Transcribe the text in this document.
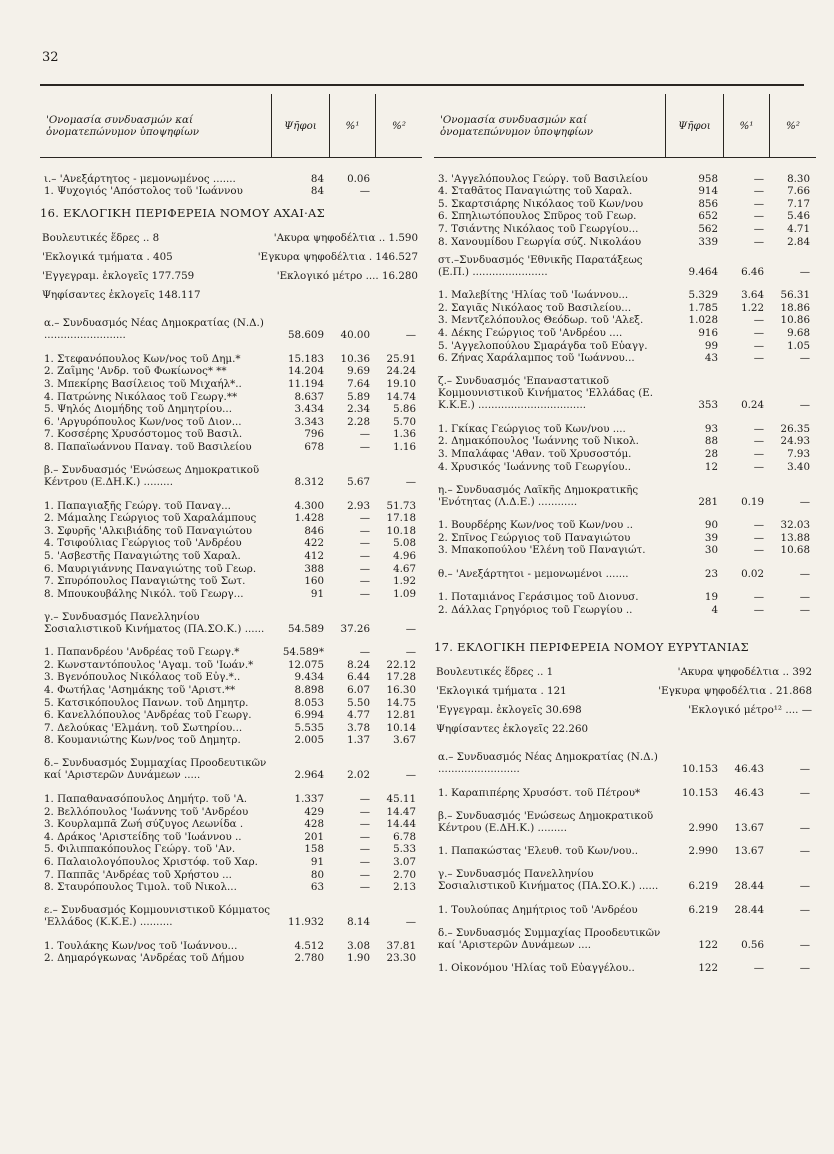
32
'Ονομασία συνδυασμών καί ὀνοματεπώνυμον ὑποψηφίων	Ψῆφοι	%¹	%²
ι.– 'Ανεξάρτητος - μεμονωμένος .......	84	0.06
1. Ψυχογιός 'Απόστολος τοῦ 'Ιωάννου	84	—
16. ΕΚΛΟΓΙΚΗ ΠΕΡΙΦΕΡΕΙΑ ΝΟΜΟΥ ΑΧΑΙ·ΑΣ
Βουλευτικές ἕδρες .. 8	'Ακυρα ψηφοδέλτια .. 1.590
'Εκλογικά τμήματα . 405	'Εγκυρα ψηφοδέλτια . 146.527
'Εγγεγραμ. ἐκλογεῖς 177.759	'Εκλογικό μέτρο .... 16.280
Ψηφίσαντες ἐκλογεῖς 148.117
α.– Συνδυασμός Νέας Δημοκρατίας (Ν.Δ.) .........................	58.609	40.00	—
1. Στεφανόπουλος Κων/νος τοῦ Δημ.*	15.183	10.36	25.91
2. Ζαΐμης 'Ανδρ. τοῦ Φωκίωνος* **	14.204	9.69	24.24
3. Μπεκίρης Βασίλειος τοῦ Μιχαήλ*..	11.194	7.64	19.10
4. Πατρώνης Νικόλαος τοῦ Γεωργ.**	8.637	5.89	14.74
5. Ψηλός Διομήδης τοῦ Δημητρίου...	3.434	2.34	5.86
6. 'Αργυρόπουλος Κων/νος τοῦ Διον...	3.343	2.28	5.70
7. Κοσσέρης Χρυσόστομος τοῦ Βασιλ.	796	—	1.36
8. Παπαϊωάννου Παναγ. τοῦ Βασιλείου	678	—	1.16
β.– Συνδυασμός 'Ενώσεως Δημοκρατικοῦ Κέντρου (Ε.ΔΗ.Κ.) .........	8.312	5.67	—
1. Παπαγιαξῆς Γεώργ. τοῦ Παναγ...	4.300	2.93	51.73
2. Μάμαλης Γεώργιος τοῦ Χαραλάμπους	1.428	—	17.18
3. Σφυρῆς 'Αλκιβιάδης τοῦ Παναγιώτου	846	—	10.18
4. Τσιφούλιας Γεώργιος τοῦ 'Ανδρέου	422	—	5.08
5. 'Ασβεστῆς Παναγιώτης τοῦ Χαραλ.	412	—	4.96
6. Μαυριγιάννης Παναγιώτης τοῦ Γεωρ.	388	—	4.67
7. Σπυρόπουλος Παναγιώτης τοῦ Σωτ.	160	—	1.92
8. Μπουκουβάλης Νικόλ. τοῦ Γεωργ...	91	—	1.09
γ.– Συνδυασμός Πανελληνίου Σοσιαλιστικοῦ Κινήματος (ΠΑ.ΣΟ.Κ.) ......	54.589	37.26	—
1. Παπανδρέου 'Ανδρέας τοῦ Γεωργ.*	54.589*	—	—
2. Κωνσταντόπουλος 'Αγαμ. τοῦ 'Ιωάν.*	12.075	8.24	22.12
3. Βγενόπουλος Νικόλαος τοῦ Εὐγ.*..	9.434	6.44	17.28
4. Φωτήλας 'Ασημάκης τοῦ 'Αριστ.**	8.898	6.07	16.30
5. Κατσικόπουλος Πανων. τοῦ Δημητρ.	8.053	5.50	14.75
6. Κανελλόπουλος 'Ανδρέας τοῦ Γεωργ.	6.994	4.77	12.81
7. Δελούκας 'Ελμάνη. τοῦ Σωτηρίου...	5.535	3.78	10.14
8. Κουμανιώτης Κων/νος τοῦ Δημητρ.	2.005	1.37	3.67
δ.– Συνδυασμός Συμμαχίας Προοδευτικῶν καί 'Αριστερῶν Δυνάμεων .....	2.964	2.02	—
1. Παπαθανασόπουλος Δημήτρ. τοῦ 'Α.	1.337	—	45.11
2. Βελλόπουλος 'Ιωάννης τοῦ 'Ανδρέου	429	—	14.47
3. Κουρλαμπᾶ Ζωή σύζυγος Λεωνίδα .	428	—	14.44
4. Δράκος 'Αριστείδης τοῦ 'Ιωάννου ..	201	—	6.78
5. Φιλιππακόπουλος Γεώργ. τοῦ 'Αν.	158	—	5.33
6. Παλαιολογόπουλος Χριστόφ. τοῦ Χαρ.	91	—	3.07
7. Παππᾶς 'Ανδρέας τοῦ Χρήστου ...	80	—	2.70
8. Σταυρόπουλος Τιμολ. τοῦ Νικολ...	63	—	2.13
ε.– Συνδυασμός Κομμουνιστικοῦ Κόμματος 'Ελλάδος (Κ.Κ.Ε.) ..........	11.932	8.14	—
1. Τουλάκης Κων/νος τοῦ 'Ιωάννου...	4.512	3.08	37.81
2. Δημαρόγκωνας 'Ανδρέας τοῦ Δήμου	2.780	1.90	23.30
'Ονομασία συνδυασμών καί ὀνοματεπώνυμον ὑποψηφίων	Ψῆφοι	%¹	%²
3. 'Αγγελόπουλος Γεώργ. τοῦ Βασιλείου	958	—	8.30
4. Σταθᾶτος Παναγιώτης τοῦ Χαραλ.	914	—	7.66
5. Σκαρτσιάρης Νικόλαος τοῦ Κων/νου	856	—	7.17
6. Σπηλιωτόπουλος Σπῦρος τοῦ Γεωρ.	652	—	5.46
7. Τσιάντης Νικόλαος τοῦ Γεωργίου...	562	—	4.71
8. Χανουμίδου Γεωργία σύζ. Νικολάου	339	—	2.84
στ.–Συνδυασμός 'Εθνικῆς Παρατάξεως (Ε.Π.) .......................	9.464	6.46	—
1. Μαλεβίτης 'Ηλίας τοῦ 'Ιωάννου...	5.329	3.64	56.31
2. Σαγιᾶς Νικόλαος τοῦ Βασιλείου...	1.785	1.22	18.86
3. Μεντζελόπουλος Θεόδωρ. τοῦ 'Αλεξ.	1.028	—	10.86
4. Δέκης Γεώργιος τοῦ 'Ανδρέου ....	916	—	9.68
5. 'Αγγελοπούλου Σμαράγδα τοῦ Εὐαγγ.	99	—	1.05
6. Ζήνας Χαράλαμπος τοῦ 'Ιωάννου...	43	—	—
ζ.– Συνδυασμός 'Επαναστατικοῦ Κομμουνιστικοῦ Κινήματος 'Ελλάδας (Ε. Κ.Κ.Ε.) .................................	353	0.24	—
1. Γκίκας Γεώργιος τοῦ Κων/νου ....	93	—	26.35
2. Δημακόπουλος 'Ιωάννης τοῦ Νικολ.	88	—	24.93
3. Μπαλάφας 'Αθαν. τοῦ Χρυσοστόμ.	28	—	7.93
4. Χρυσικός 'Ιωάννης τοῦ Γεωργίου..	12	—	3.40
η.– Συνδυασμός Λαϊκῆς Δημοκρατικῆς 'Ενότητας (Λ.Δ.Ε.) ............	281	0.19	—
1. Βουρδέρης Κων/νος τοῦ Κων/νου ..	90	—	32.03
2. Σπῖνος Γεώργιος τοῦ Παναγιώτου	39	—	13.88
3. Μπακοπούλου 'Ελένη τοῦ Παναγιώτ.	30	—	10.68
θ.– 'Ανεξάρτητοι - μεμονωμένοι .......	23	0.02	—
1. Ποταμιάνος Γεράσιμος τοῦ Διονυσ.	19	—	—
2. Δάλλας Γρηγόριος τοῦ Γεωργίου ..	4	—	—
17. ΕΚΛΟΓΙΚΗ ΠΕΡΙΦΕΡΕΙΑ ΝΟΜΟΥ ΕΥΡΥΤΑΝΙΑΣ
Βουλευτικές ἕδρες .. 1	'Ακυρα ψηφοδέλτια .. 392
'Εκλογικά τμήματα . 121	'Εγκυρα ψηφοδέλτια . 21.868
'Εγγεγραμ. ἐκλογεῖς 30.698	'Εκλογικό μέτρο¹² .... —
Ψηφίσαντες ἐκλογεῖς 22.260
α.– Συνδυασμός Νέας Δημοκρατίας (Ν.Δ.) .........................	10.153	46.43	—
1. Καραπιπέρης Χρυσόστ. τοῦ Πέτρου*	10.153	46.43	—
β.– Συνδυασμός 'Ενώσεως Δημοκρατικοῦ Κέντρου (Ε.ΔΗ.Κ.) .........	2.990	13.67	—
1. Παπακώστας 'Ελευθ. τοῦ Κων/νου..	2.990	13.67	—
γ.– Συνδυασμός Πανελληνίου Σοσιαλιστικοῦ Κινήματος (ΠΑ.ΣΟ.Κ.) ......	6.219	28.44	—
1. Τουλούπας Δημήτριος τοῦ 'Ανδρέου	6.219	28.44	—
δ.– Συνδυασμός Συμμαχίας Προοδευτικῶν καί 'Αριστερῶν Δυνάμεων ....	122	0.56	—
1. Οἰκονόμου 'Ηλίας τοῦ Εὐαγγέλου..	122	—	—
